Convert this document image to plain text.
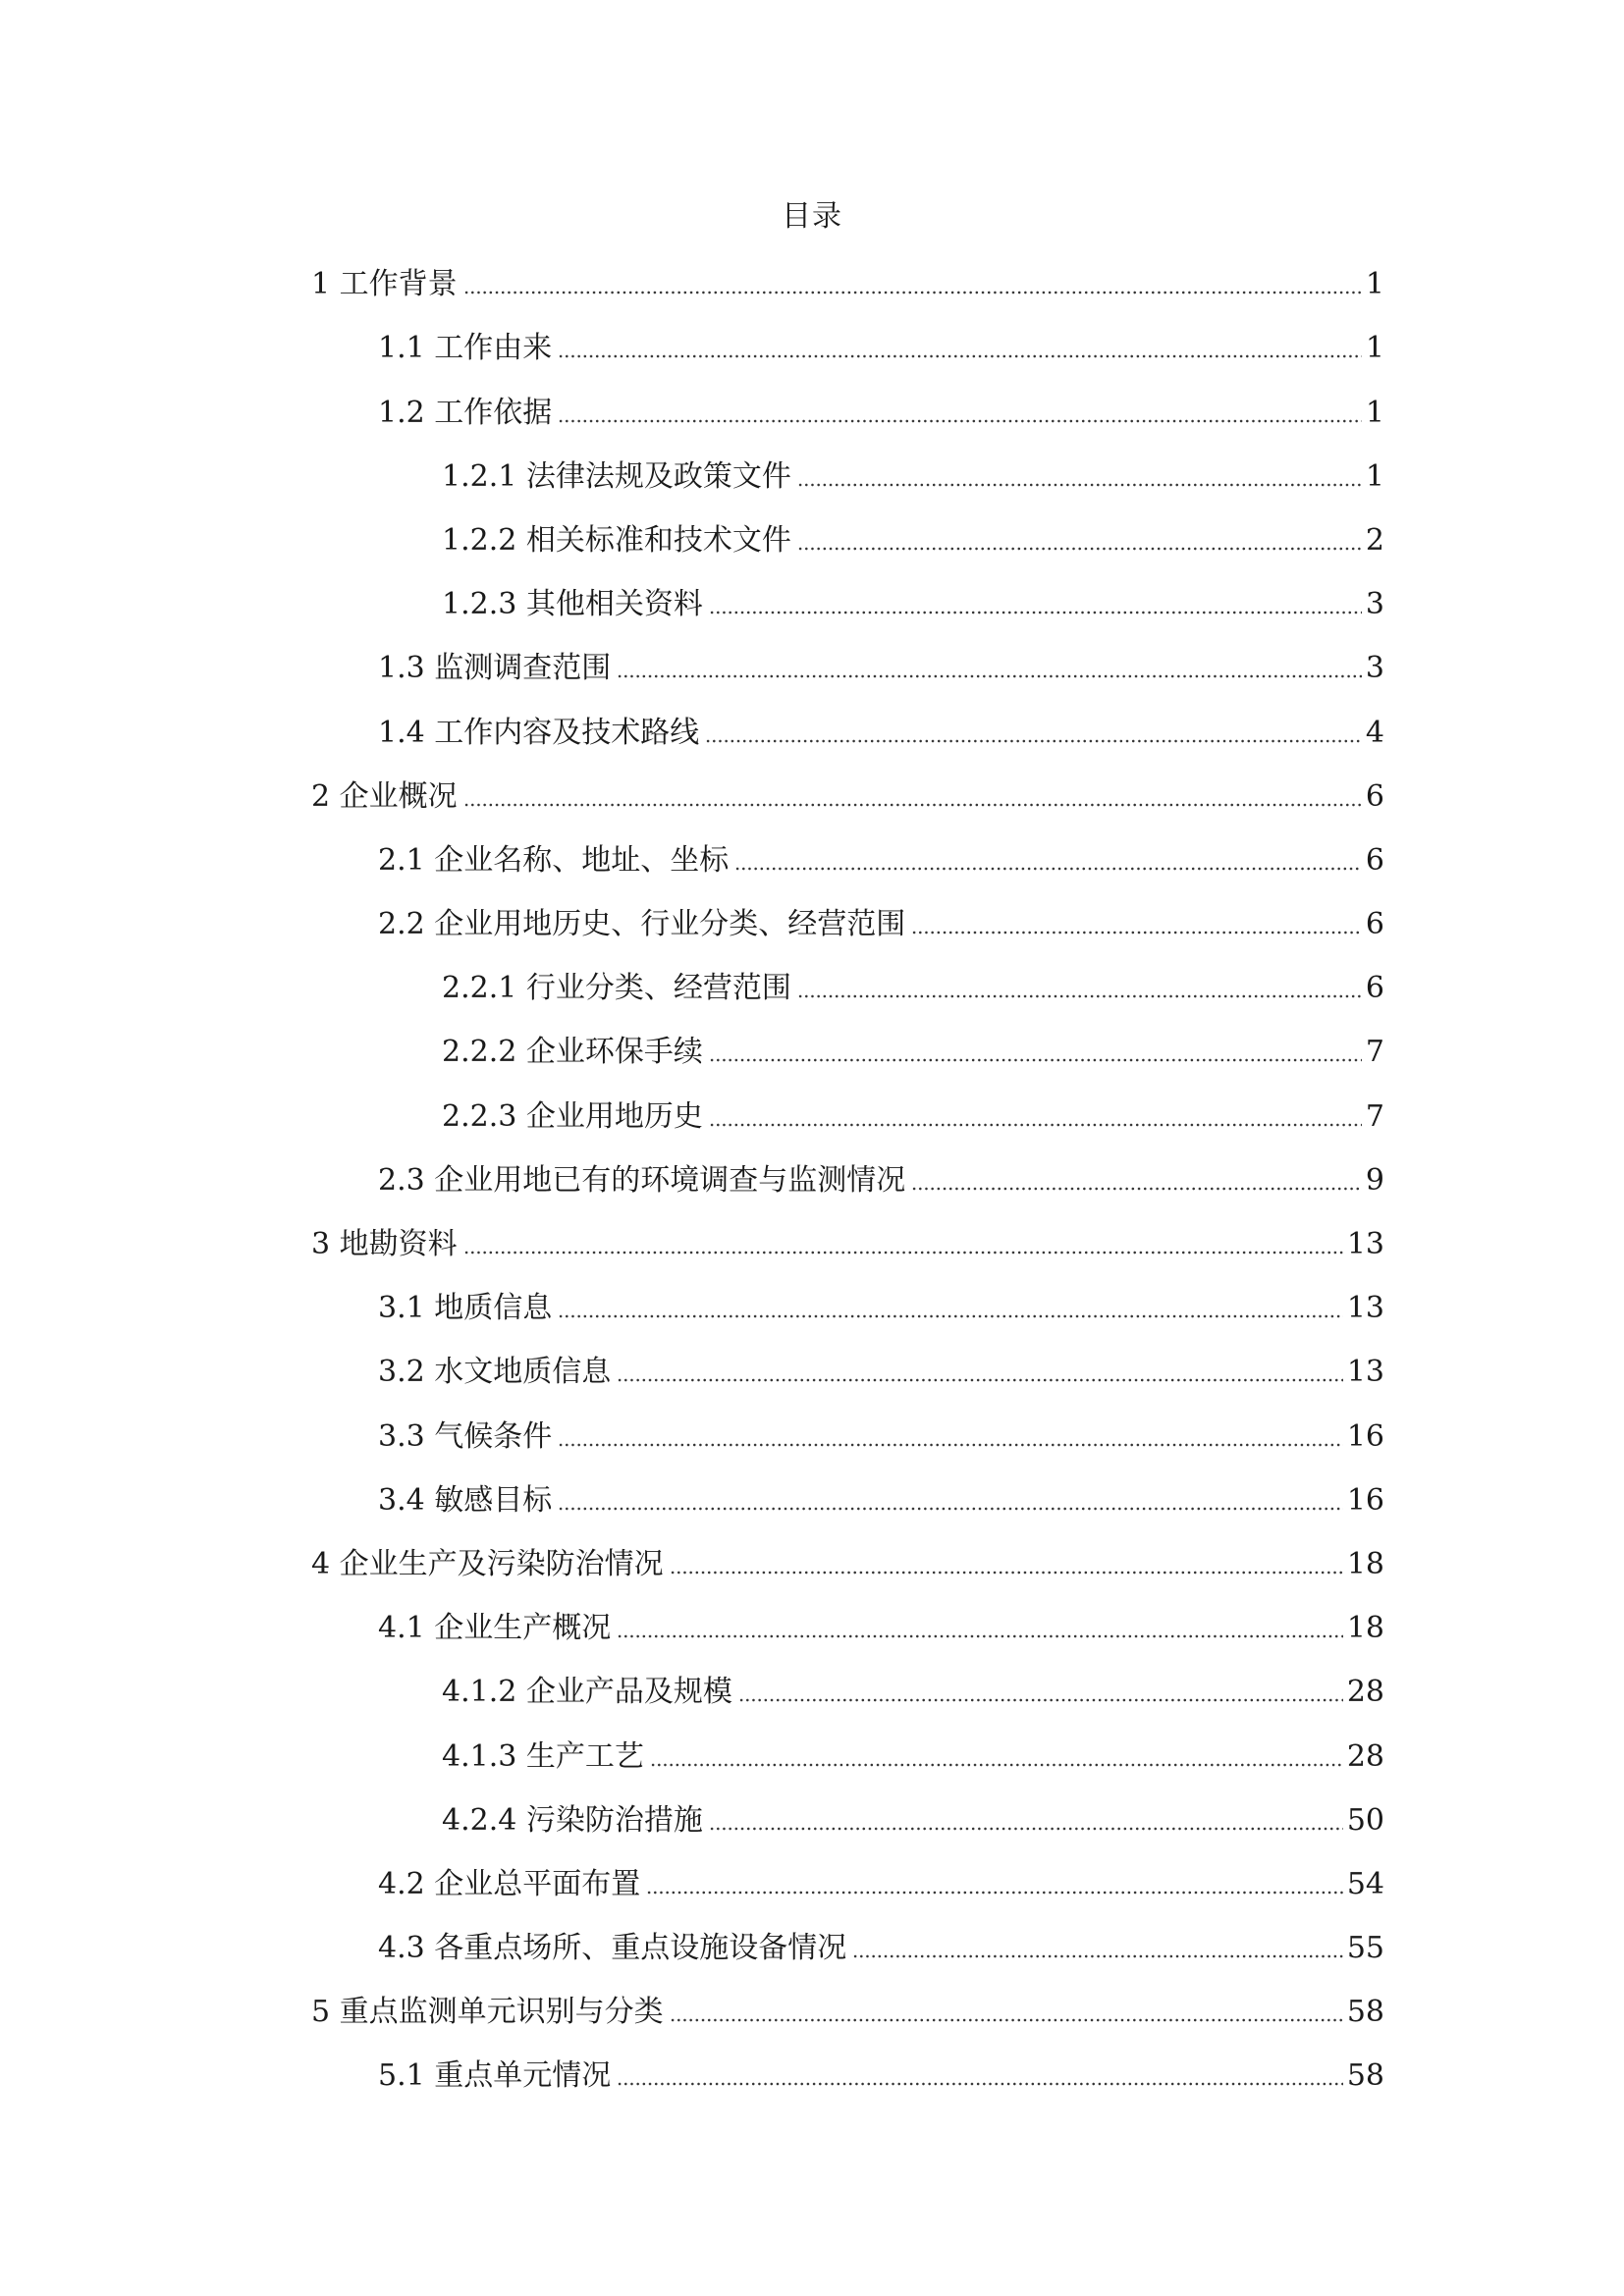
目录
1 工作背景	1
1.1 工作由来	1
1.2 工作依据	1
1.2.1 法律法规及政策文件	1
1.2.2 相关标准和技术文件	2
1.2.3 其他相关资料	3
1.3 监测调查范围	3
1.4 工作内容及技术路线	4
2 企业概况	6
2.1 企业名称、地址、坐标	6
2.2 企业用地历史、行业分类、经营范围	6
2.2.1 行业分类、经营范围	6
2.2.2 企业环保手续	7
2.2.3 企业用地历史	7
2.3 企业用地已有的环境调查与监测情况	9
3 地勘资料	13
3.1 地质信息	13
3.2 水文地质信息	13
3.3 气候条件	16
3.4 敏感目标	16
4 企业生产及污染防治情况	18
4.1 企业生产概况	18
4.1.2 企业产品及规模	28
4.1.3 生产工艺	28
4.2.4 污染防治措施	50
4.2 企业总平面布置	54
4.3 各重点场所、重点设施设备情况	55
5 重点监测单元识别与分类	58
5.1 重点单元情况	58
